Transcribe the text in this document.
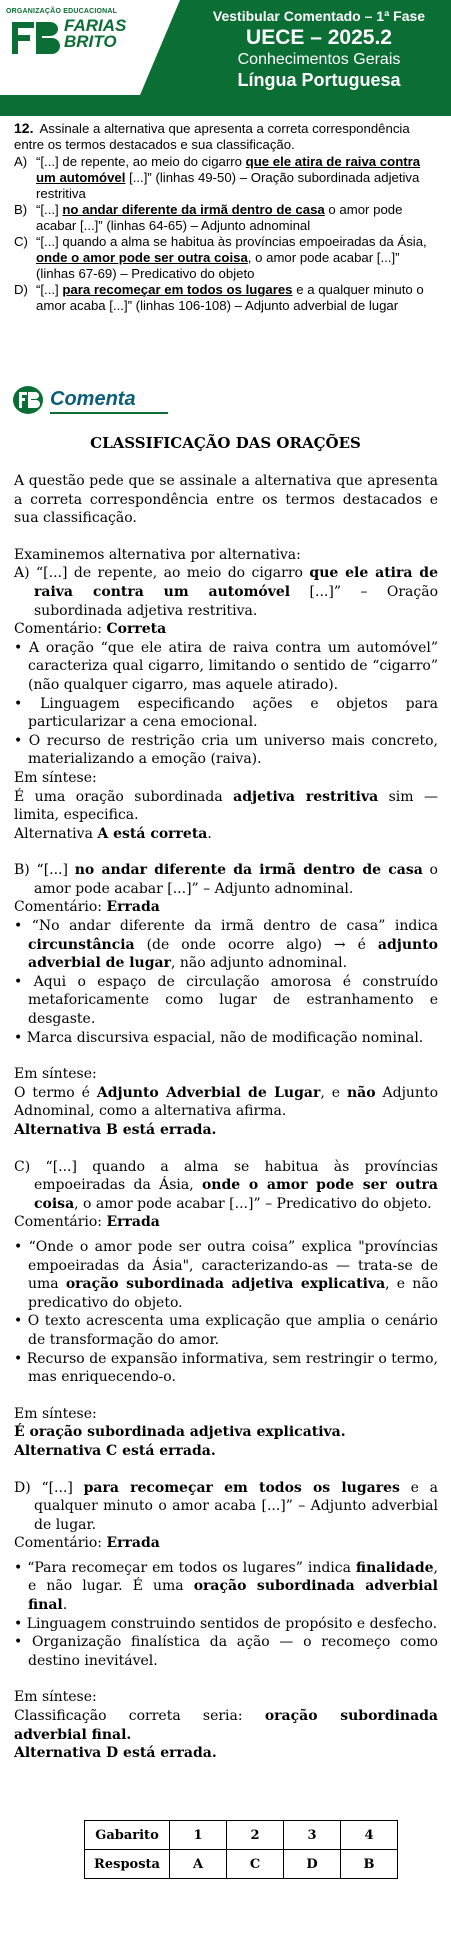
ORGANIZAÇÃO EDUCACIONAL
FARIAS
BRITO
Vestibular Comentado – 1ª Fase
UECE – 2025.2
Conhecimentos Gerais
Língua Portuguesa
12. Assinale a alternativa que apresenta a correta correspondência entre os termos destacados e sua classificação.
A) “[...] de repente, ao meio do cigarro que ele atira de raiva contra um automóvel [...]” (linhas 49-50) – Oração subordinada adjetiva restritiva
B) “[...] no andar diferente da irmã dentro de casa o amor pode acabar [...]” (linhas 64-65) – Adjunto adnominal
C) “[...] quando a alma se habitua às províncias empoeiradas da Ásia, onde o amor pode ser outra coisa, o amor pode acabar [...]” (linhas 67-69) – Predicativo do objeto
D) “[...] para recomeçar em todos os lugares e a qualquer minuto o amor acaba [...]” (linhas 106-108) – Adjunto adverbial de lugar
Comenta
CLASSIFICAÇÃO DAS ORAÇÕES

A questão pede que se assinale a alternativa que apresenta a correta correspondência entre os termos destacados e sua classificação.

Examinemos alternativa por alternativa:

A) “[...] de repente, ao meio do cigarro que ele atira de raiva contra um automóvel [...]” – Oração subordinada adjetiva restritiva.

Comentário: Correta

• A oração “que ele atira de raiva contra um automóvel” caracteriza qual cigarro, limitando o sentido de “cigarro” (não qualquer cigarro, mas aquele atirado).

• Linguagem especificando ações e objetos para particularizar a cena emocional.

• O recurso de restrição cria um universo mais concreto, materializando a emoção (raiva).

Em síntese:

É uma oração subordinada adjetiva restritiva sim — limita, especifica.

Alternativa A está correta.

B) “[...] no andar diferente da irmã dentro de casa o amor pode acabar [...]” – Adjunto adnominal.

Comentário: Errada

• “No andar diferente da irmã dentro de casa” indica circunstância (de onde ocorre algo) → é adjunto adverbial de lugar, não adjunto adnominal.

• Aqui o espaço de circulação amorosa é construído metaforicamente como lugar de estranhamento e desgaste.

• Marca discursiva espacial, não de modificação nominal.

Em síntese:

O termo é Adjunto Adverbial de Lugar, e não Adjunto Adnominal, como a alternativa afirma.

Alternativa B está errada.

C) “[...] quando a alma se habitua às províncias empoeiradas da Ásia, onde o amor pode ser outra coisa, o amor pode acabar [...]” – Predicativo do objeto.

Comentário: Errada

• “Onde o amor pode ser outra coisa” explica "províncias empoeiradas da Ásia", caracterizando-as — trata-se de uma oração subordinada adjetiva explicativa, e não predicativo do objeto.

• O texto acrescenta uma explicação que amplia o cenário de transformação do amor.

• Recurso de expansão informativa, sem restringir o termo, mas enriquecendo-o.

Em síntese:

É oração subordinada adjetiva explicativa.

Alternativa C está errada.

D) “[...] para recomeçar em todos os lugares e a qualquer minuto o amor acaba [...]” – Adjunto adverbial de lugar.

Comentário: Errada

• “Para recomeçar em todos os lugares” indica finalidade, e não lugar. É uma oração subordinada adverbial final.

• Linguagem construindo sentidos de propósito e desfecho.

• Organização finalística da ação — o recomeço como destino inevitável.

Em síntese:

Classificação correta seria: oração subordinada adverbial final.

Alternativa D está errada.

Gabarito	1	2	3	4
Resposta	A	C	D	B
